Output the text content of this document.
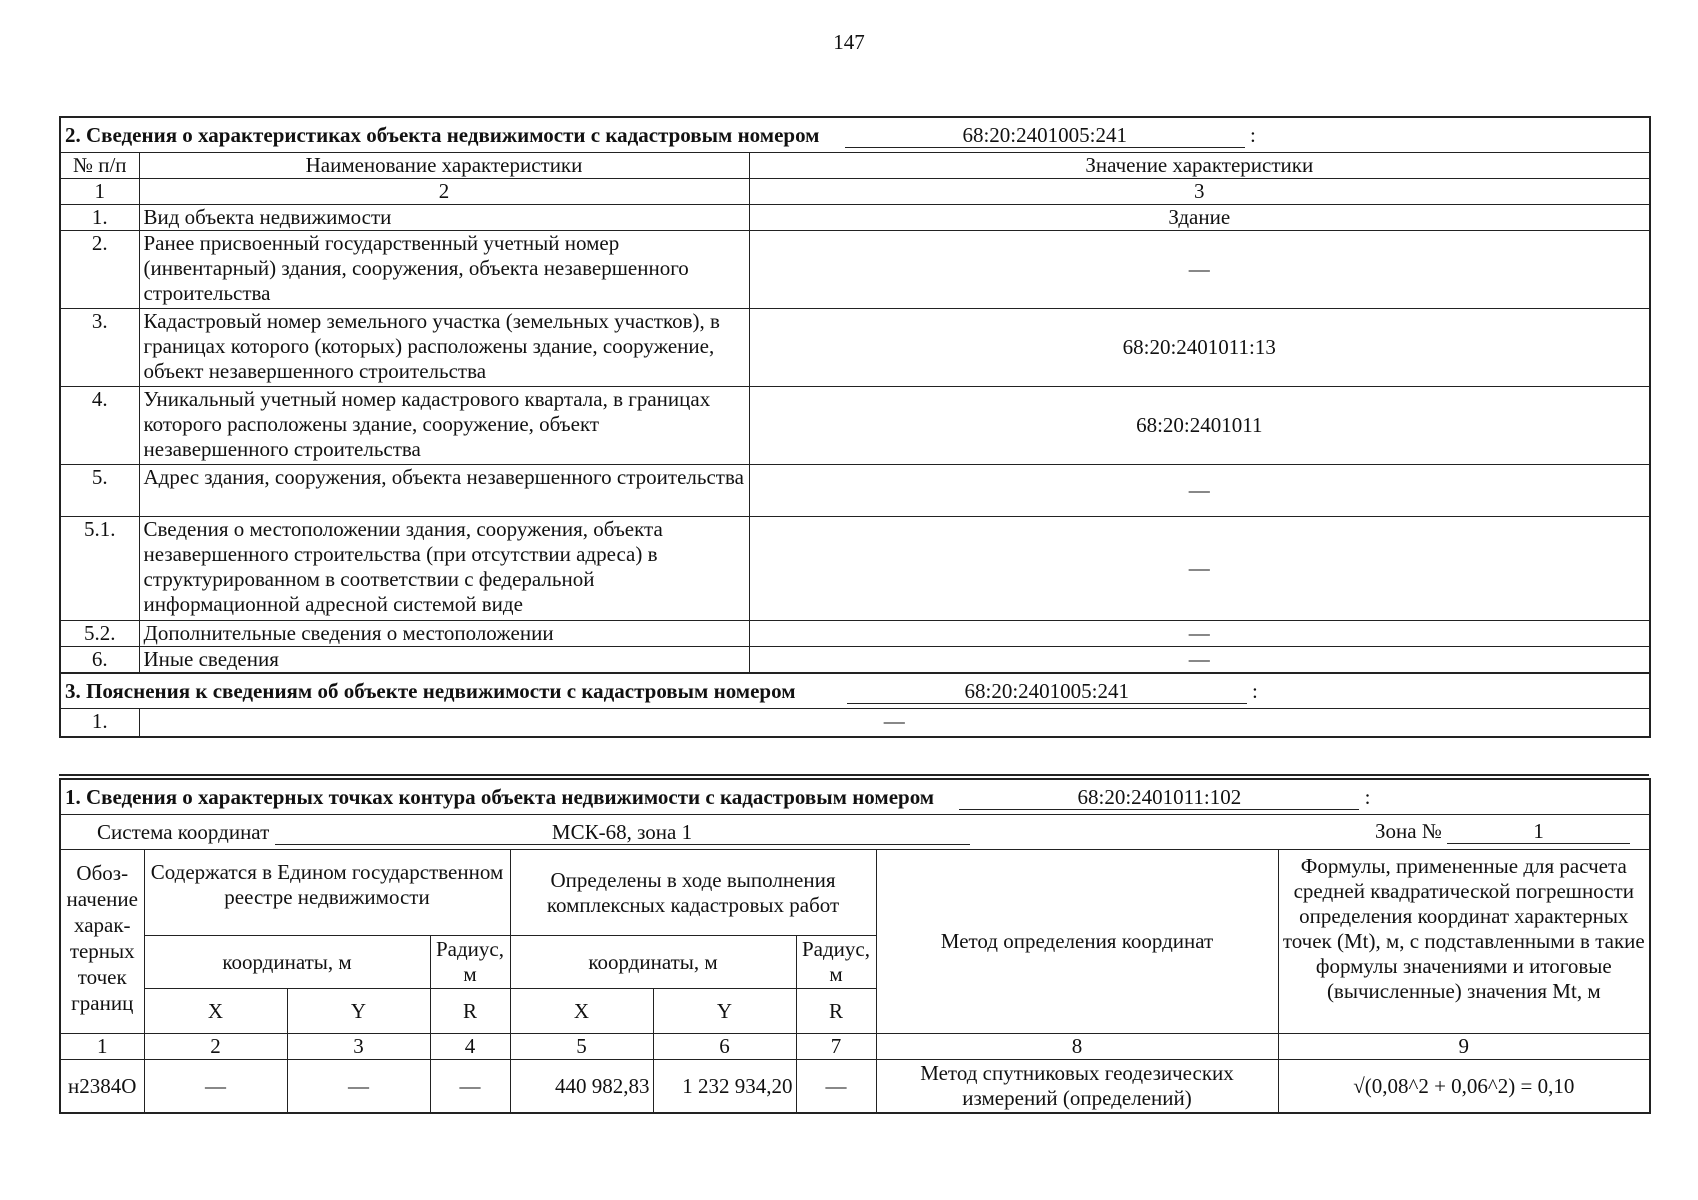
147
2. Сведения о характеристиках объекта недвижимости с кадастровым номером 68:20:2401005:241 :		
№ п/п	Наименование характеристики	Значение характеристики
1	2	3
1.	Вид объекта недвижимости	Здание
2.	Ранее присвоенный государственный учетный номер (инвентарный) здания, сооружения, объекта незавершенного строительства	—
3.	Кадастровый номер земельного участка (земельных участков), в границах которого (которых) расположены здание, сооружение, объект незавершенного строительства	68:20:2401011:13
4.	Уникальный учетный номер кадастрового квартала, в границах которого расположены здание, сооружение, объект незавершенного строительства	68:20:2401011
5.	Адрес здания, сооружения, объекта незавершенного строительства	—
5.1.	Сведения о местоположении здания, сооружения, объекта незавершенного строительства (при отсутствии адреса) в структурированном в соответствии с федеральной информационной адресной системой виде	—
5.2.	Дополнительные сведения о местоположении	—
6.	Иные сведения	—
3. Пояснения к сведениям об объекте недвижимости с кадастровым номером 68:20:2401005:241 :		
1.	—	
1. Сведения о характерных точках контура объекта недвижимости с кадастровым номером 68:20:2401011:102 :								
Система координат МСК-68, зона 1 Зона № 1								

Обоз-начение харак-терных точек границ	Содержатся в Едином государственном реестре недвижимости			Определены в ходе выполнения комплексных кадастровых работ			Метод определения координат	Формулы, примененные для расчета средней квадратической погрешности определения координат характерных точек (Mt), м, с подставленными в такие формулы значениями и итоговые (вычисленные) значения Mt, м
	координаты, м		Радиус, м	координаты, м		Радиус, м		
	X	Y	R	X	Y	R		
1	2	3	4	5	6	7	8	9
н2384О	—	—	—	440 982,83	1 232 934,20	—	Метод спутниковых геодезических измерений (определений)	√(0,08^2 + 0,06^2) = 0,10
